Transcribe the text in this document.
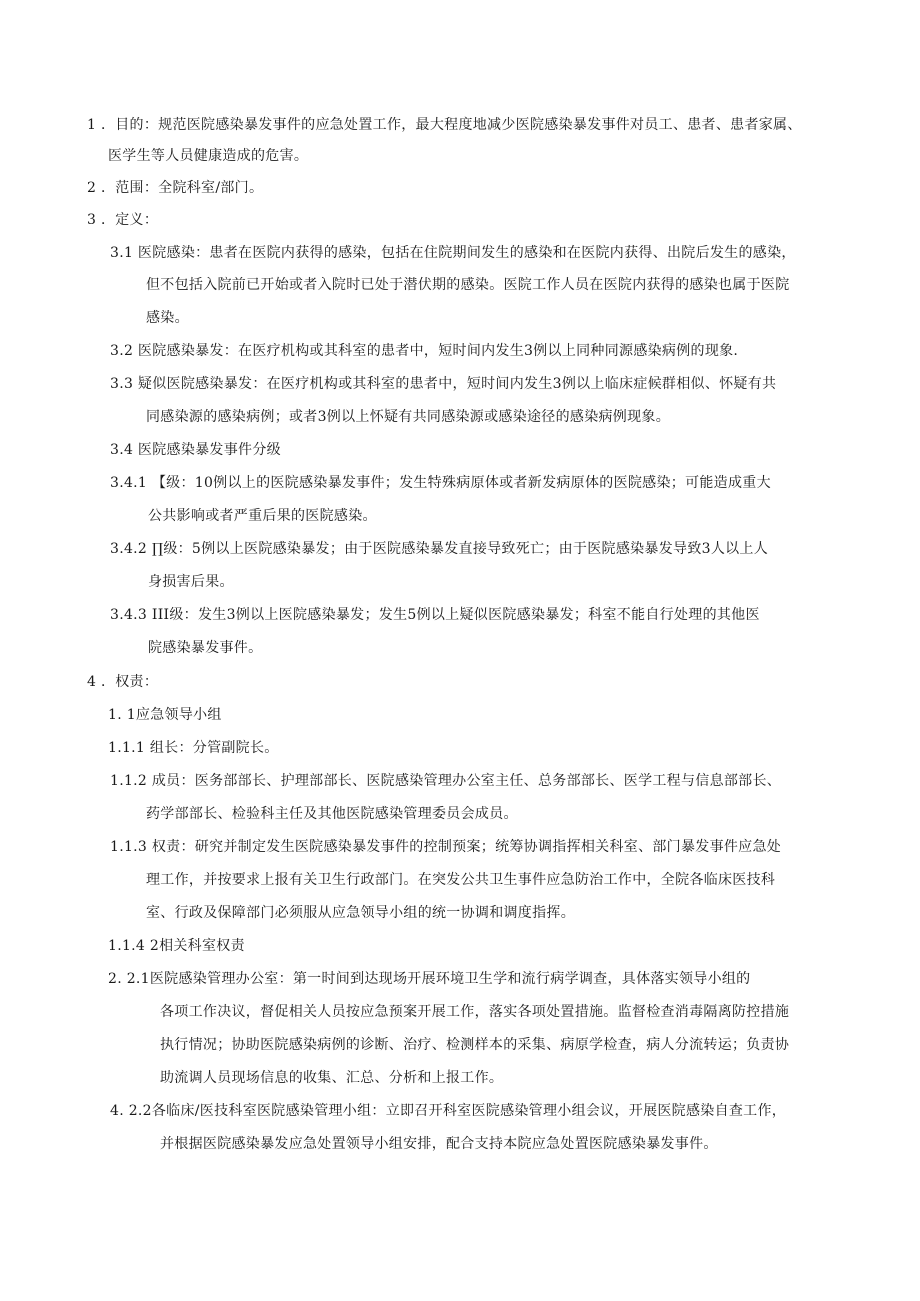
1 ．目的：规范医院感染暴发事件的应急处置工作，最大程度地减少医院感染暴发事件对员工、患者、患者家属、
医学生等人员健康造成的危害。
2 ．范围：全院科室/部门。
3 ．定义：
3.1 医院感染：患者在医院内获得的感染，包括在住院期间发生的感染和在医院内获得、出院后发生的感染，
但不包括入院前已开始或者入院时已处于潜伏期的感染。医院工作人员在医院内获得的感染也属于医院
感染。
3.2 医院感染暴发：在医疗机构或其科室的患者中，短时间内发生3例以上同种同源感染病例的现象.
3.3 疑似医院感染暴发：在医疗机构或其科室的患者中，短时间内发生3例以上临床症候群相似、怀疑有共
同感染源的感染病例；或者3例以上怀疑有共同感染源或感染途径的感染病例现象。
3.4 医院感染暴发事件分级
3.4.1 【级：10例以上的医院感染暴发事件；发生特殊病原体或者新发病原体的医院感染；可能造成重大
公共影响或者严重后果的医院感染。
3.4.2 ∏级：5例以上医院感染暴发；由于医院感染暴发直接导致死亡；由于医院感染暴发导致3人以上人
身损害后果。
3.4.3 III级：发生3例以上医院感染暴发；发生5例以上疑似医院感染暴发；科室不能自行处理的其他医
院感染暴发事件。
4 ．权责：
1. 1应急领导小组
1.1.1 组长：分管副院长。
1.1.2 成员：医务部部长、护理部部长、医院感染管理办公室主任、总务部部长、医学工程与信息部部长、
药学部部长、检验科主任及其他医院感染管理委员会成员。
1.1.3 权责：研究并制定发生医院感染暴发事件的控制预案；统筹协调指挥相关科室、部门暴发事件应急处
理工作，并按要求上报有关卫生行政部门。在突发公共卫生事件应急防治工作中，全院各临床医技科
室、行政及保障部门必须服从应急领导小组的统一协调和调度指挥。
1.1.4 2相关科室权责
2. 2.1医院感染管理办公室：第一时间到达现场开展环境卫生学和流行病学调查，具体落实领导小组的
各项工作决议，督促相关人员按应急预案开展工作，落实各项处置措施。监督检查消毒隔离防控措施
执行情况；协助医院感染病例的诊断、治疗、检测样本的采集、病原学检查，病人分流转运；负责协
助流调人员现场信息的收集、汇总、分析和上报工作。
4. 2.2各临床/医技科室医院感染管理小组：立即召开科室医院感染管理小组会议，开展医院感染自查工作，
并根据医院感染暴发应急处置领导小组安排，配合支持本院应急处置医院感染暴发事件。
